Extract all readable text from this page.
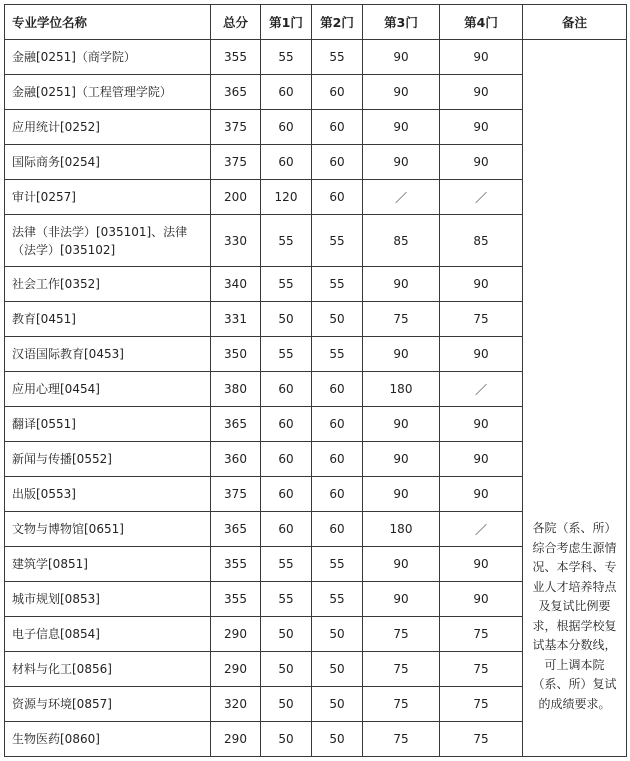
专业学位名称	总分	第1门	第2门	第3门	第4门	备注
金融[0251]（商学院）	355	55	55	90	90	各院（系、所）综合考虑生源情况、本学科、专业人才培养特点及复试比例要求，根据学校复试基本分数线，可上调本院（系、所）复试的成绩要求。
金融[0251]（工程管理学院）	365	60	60	90	90	
应用统计[0252]	375	60	60	90	90	
国际商务[0254]	375	60	60	90	90	
审计[0257]	200	120	60	／	／	
法律（非法学）[035101]、法律（法学）[035102]	330	55	55	85	85	
社会工作[0352]	340	55	55	90	90	
教育[0451]	331	50	50	75	75	
汉语国际教育[0453]	350	55	55	90	90	
应用心理[0454]	380	60	60	180	／	
翻译[0551]	365	60	60	90	90	
新闻与传播[0552]	360	60	60	90	90	
出版[0553]	375	60	60	90	90	
文物与博物馆[0651]	365	60	60	180	／	
建筑学[0851]	355	55	55	90	90	
城市规划[0853]	355	55	55	90	90	
电子信息[0854]	290	50	50	75	75	
材料与化工[0856]	290	50	50	75	75	
资源与环境[0857]	320	50	50	75	75	
生物医药[0860]	290	50	50	75	75	
